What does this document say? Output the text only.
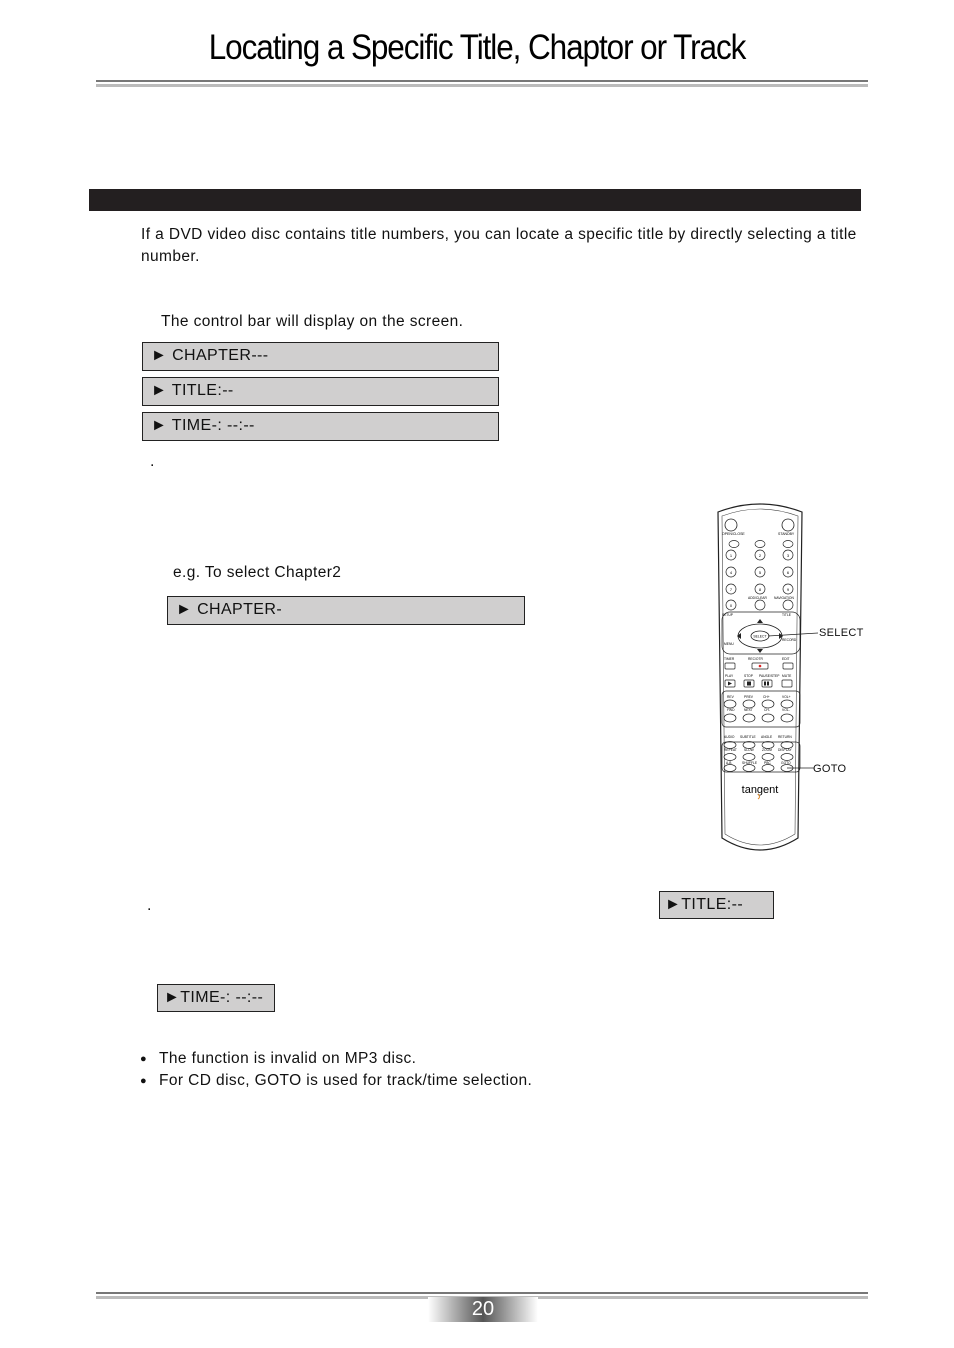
Locating a Specific Title, Chaptor or Track
If a DVD video disc contains title numbers, you can locate a specific title by directly selecting a title number.
The control bar will display on the screen.
► CHAPTER---
► TITLE:--
► TIME-: --:--
.
e.g. To select Chapter2
► CHAPTER-
OPEN/CLOSE	STANDBY
1	2	3
4	5	6
7	8	9
0
ADD/CLEAR NAVIGATION
SETUP	TITLE
MENU
RECORD
SELECT
TIMER	REC/OTR	EDIT
PLAY	STOP PAUSE/STEP MUTE
REV	PREV	CH+	VOL+
FWD	NEXT	CH-	VOL-
AUDIO SUBTITLE ANGLE RETURN
REPEAT SLOW	ZOOM DISPLAY
A-B	SHUFFLE PBC	GOTO
tangent
SELECT
GOTO
.	►TITLE:--
►TIME-: --:--
● The function is invalid on MP3 disc.
● For CD disc, GOTO is used for track/time selection.
20
